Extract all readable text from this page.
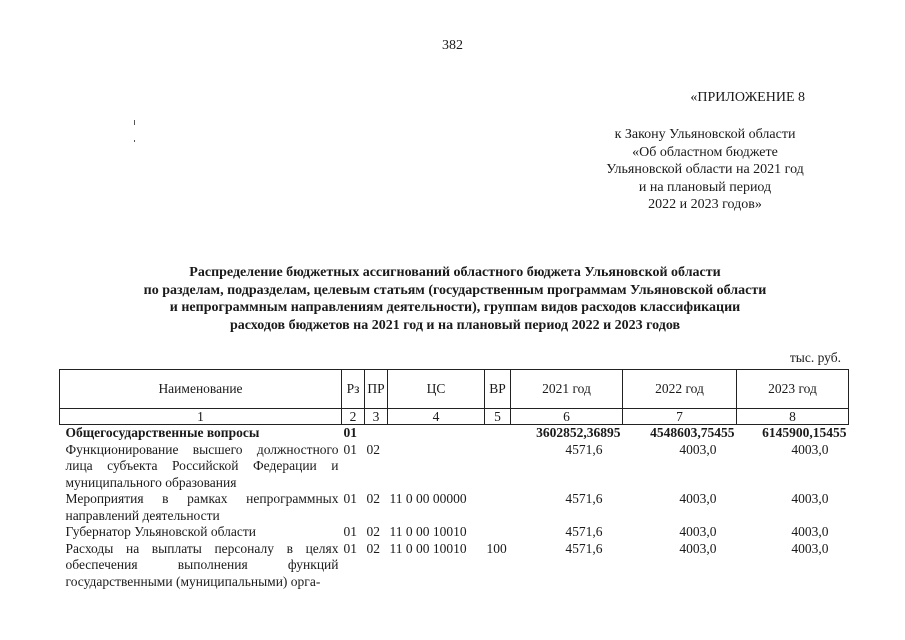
382
«ПРИЛОЖЕНИЕ 8
к Закону Ульяновской области
«Об областном бюджете
Ульяновской области на 2021 год
и на плановый период
2022 и 2023 годов»
Распределение бюджетных ассигнований областного бюджета Ульяновской области
по разделам, подразделам, целевым статьям (государственным программам Ульяновской области
и непрограммным направлениям деятельности), группам видов расходов классификации
расходов бюджетов на 2021 год и на плановый период 2022 и 2023 годов
тыс. руб.
Наименование	Рз	ПР	ЦС	ВР	2021 год	2022 год	2023 год
1	2	3	4	5	6	7	8
Общегосударственные вопросы	01				3602852,36895	4548603,75455	6145900,15455
Функционирование высшего должностного лица субъекта Российской Федерации и муниципального образования	01	02			4571,6	4003,0	4003,0
Мероприятия в рамках непрограммных направлений деятельности	01	02	11 0 00 00000		4571,6	4003,0	4003,0
Губернатор Ульяновской области	01	02	11 0 00 10010		4571,6	4003,0	4003,0
Расходы на выплаты персоналу в целях обеспечения выполнения функций государственными (муниципальными) орга-	01	02	11 0 00 10010	100	4571,6	4003,0	4003,0
